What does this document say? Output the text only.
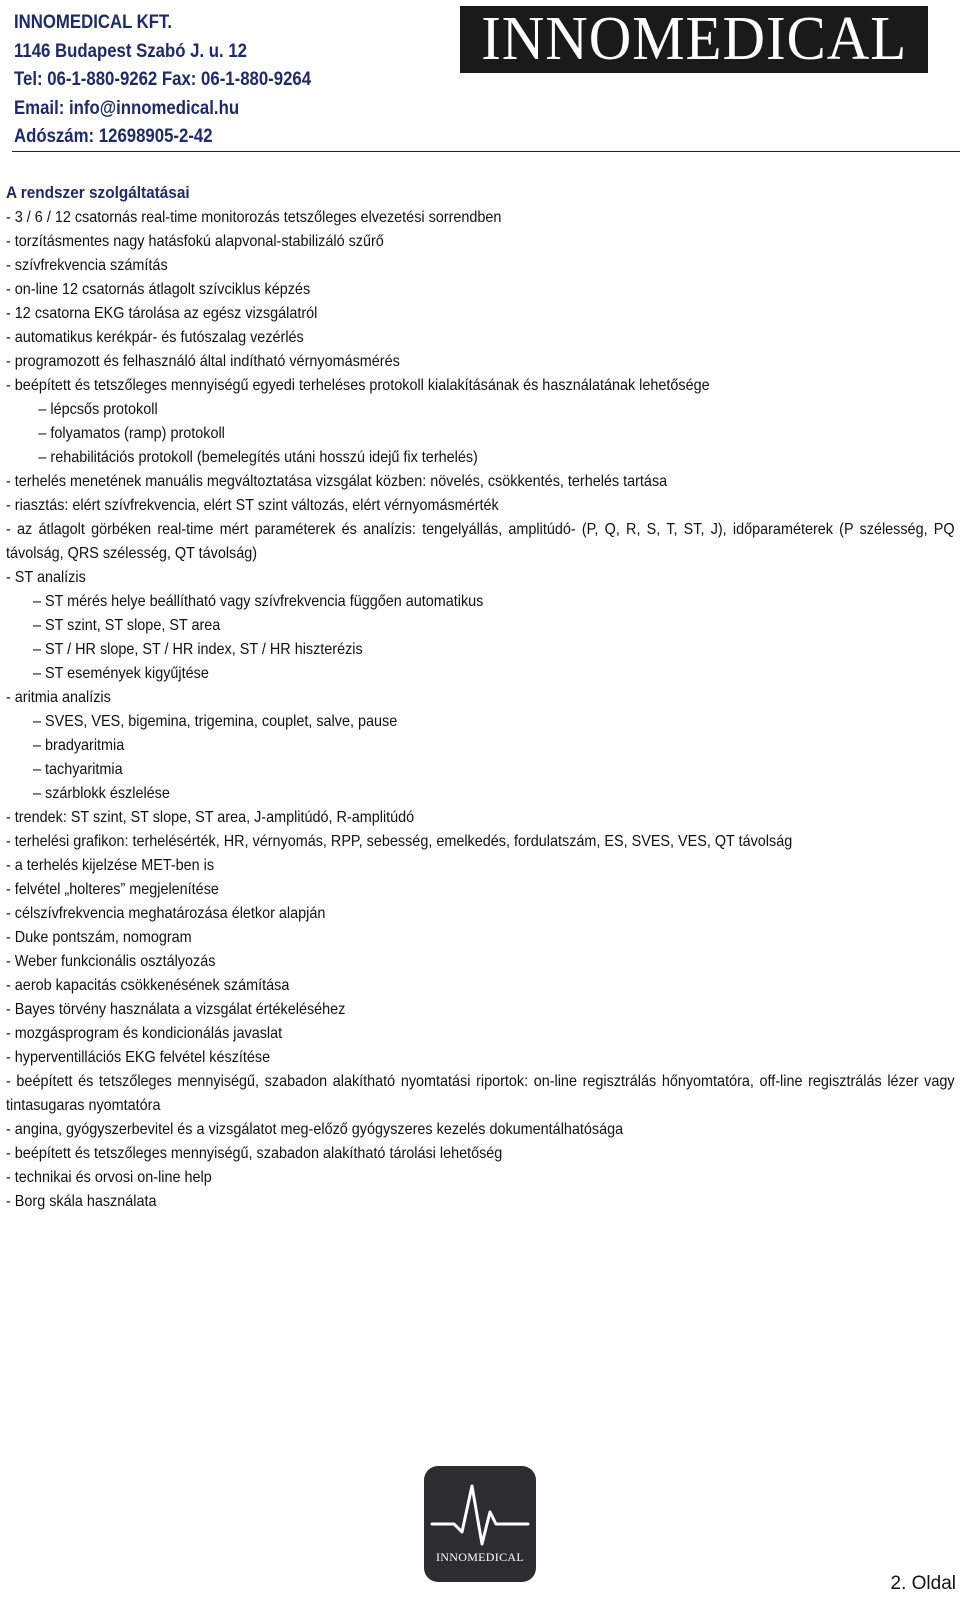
INNOMEDICAL KFT.
1146 Budapest Szabó J. u. 12
Tel: 06-1-880-9262 Fax: 06-1-880-9264
Email: info@innomedical.hu
Adószám: 12698905-2-42
INNOMEDICAL
A rendszer szolgáltatásai
- 3 / 6 / 12 csatornás real-time monitorozás tetszőleges elvezetési sorrendben
- torzításmentes nagy hatásfokú alapvonal-stabilizáló szűrő
- szívfrekvencia számítás
- on-line 12 csatornás átlagolt szívciklus képzés
- 12 csatorna EKG tárolása az egész vizsgálatról
- automatikus kerékpár- és futószalag vezérlés
- programozott és felhasználó által indítható vérnyomásmérés
- beépített és tetszőleges mennyiségű egyedi terheléses protokoll kialakításának és használatának lehetősége
– lépcsős protokoll
– folyamatos (ramp) protokoll
– rehabilitációs protokoll (bemelegítés utáni hosszú idejű fix terhelés)
- terhelés menetének manuális megváltoztatása vizsgálat közben: növelés, csökkentés, terhelés tartása
- riasztás: elért szívfrekvencia, elért ST szint változás, elért vérnyomásmérték
- az átlagolt görbéken real-time mért paraméterek és analízis: tengelyállás, amplitúdó- (P, Q, R, S, T, ST, J), időparaméterek (P szélesség, PQ távolság, QRS szélesség, QT távolság)
- ST analízis
– ST mérés helye beállítható vagy szívfrekvencia függően automatikus
– ST szint, ST slope, ST area
– ST / HR slope, ST / HR index, ST / HR hiszterézis
– ST események kigyűjtése
- aritmia analízis
– SVES, VES, bigemina, trigemina, couplet, salve, pause
– bradyaritmia
– tachyaritmia
– szárblokk észlelése
- trendek: ST szint, ST slope, ST area, J-amplitúdó, R-amplitúdó
- terhelési grafikon: terhelésérték, HR, vérnyomás, RPP, sebesség, emelkedés, fordulatszám, ES, SVES, VES, QT távolság
- a terhelés kijelzése MET-ben is
- felvétel „holteres” megjelenítése
- célszívfrekvencia meghatározása életkor alapján
- Duke pontszám, nomogram
- Weber funkcionális osztályozás
- aerob kapacitás csökkenésének számítása
- Bayes törvény használata a vizsgálat értékeléséhez
- mozgásprogram és kondicionálás javaslat
- hyperventillációs EKG felvétel készítése
- beépített és tetszőleges mennyiségű, szabadon alakítható nyomtatási riportok: on-line regisztrálás hőnyomtatóra, off-line regisztrálás lézer vagy tintasugaras nyomtatóra
- angina, gyógyszerbevitel és a vizsgálatot meg-előző gyógyszeres kezelés dokumentálhatósága
- beépített és tetszőleges mennyiségű, szabadon alakítható tárolási lehetőség
- technikai és orvosi on-line help
- Borg skála használata
INNOMEDICAL
2. Oldal
